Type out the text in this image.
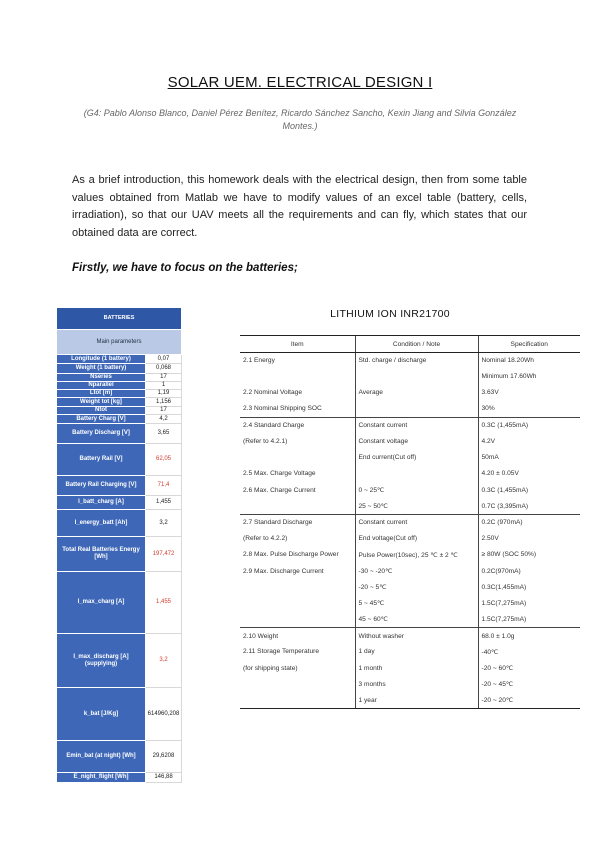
SOLAR UEM. ELECTRICAL DESIGN I
(G4: Pablo Alonso Blanco, Daniel Pérez Benítez, Ricardo Sánchez Sancho, Kexin Jiang and Silvia González Montes.)

As a brief introduction, this homework deals with the electrical design, then from some table values obtained from Matlab we have to modify values of an excel table (battery, cells, irradiation), so that our UAV meets all the requirements and can fly, which states that our obtained data are correct.

Firstly, we have to focus on the batteries;
BATTERIES	
Main parameters	
Longitude (1 battery)	0,07
Weight (1 battery)	0,068
Nseries	17
Nparallel	1
Ltot [m]	1,19
Weight tot [kg]	1,156
Ntot	17
Battery Charg [V]	4,2
Battery Discharg [V]	3,65
Battery Rail [V]	62,05
Battery Rail Charging [V]	71,4
I_batt_charg [A]	1,455
I_energy_batt [Ah]	3,2
Total Real Batteries Energy [Wh]	197,472
I_max_charg [A]	1,455
I_max_discharg [A] (supplying)	3,2
k_bat [J/Kg]	614960,208
Emin_bat (at night) [Wh]	29,6208
E_night_flight [Wh]	146,88
LITHIUM ION INR21700
Item	Condition / Note	Specification
2.1 Energy	Std. charge / discharge	Nominal 18.20Wh
		Minimum 17.60Wh
2.2 Nominal Voltage	Average	3.63V
2.3 Nominal Shipping SOC		30%
2.4 Standard Charge	Constant current	0.3C (1,455mA)
(Refer to 4.2.1)	Constant voltage	4.2V
	End current(Cut off)	50mA
2.5 Max. Charge Voltage		4.20 ± 0.05V
2.6 Max. Charge Current	0 ~ 25℃	0.3C (1,455mA)
	25 ~ 50℃	0.7C (3,395mA)
2.7 Standard Discharge	Constant current	0.2C (970mA)
(Refer to 4.2.2)	End voltage(Cut off)	2.50V
2.8 Max. Pulse Discharge Power	Pulse Power(10sec), 25 ℃ ± 2 ℃	≥ 80W (SOC 50%)
2.9 Max. Discharge Current	-30 ~ -20℃	0.2C(970mA)
	-20 ~ 5℃	0.3C(1,455mA)
	5 ~ 45℃	1.5C(7,275mA)
	45 ~ 60℃	1.5C(7,275mA)
2.10 Weight	Without washer	68.0 ± 1.0g
2.11 Storage Temperature	1 day	-40℃
(for shipping state)	1 month	-20 ~ 60℃
	3 months	-20 ~ 45℃
	1 year	-20 ~ 20℃
